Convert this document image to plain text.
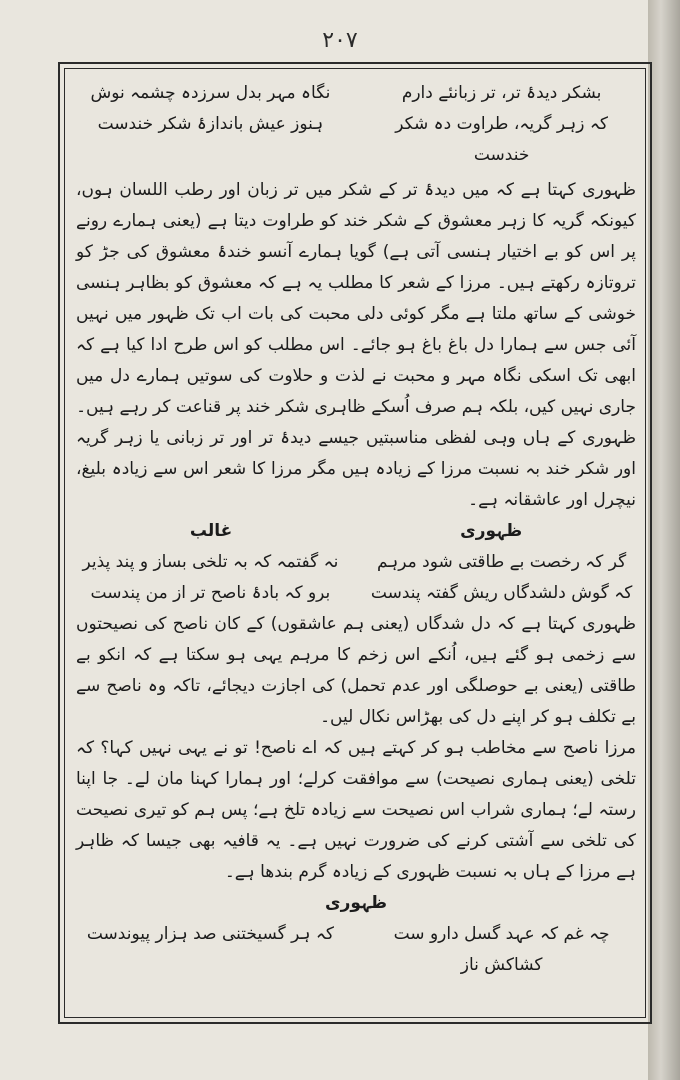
۲۰۷
بشکر دیدۂ تر، تر زبانئے دارم
نگاہ مہر بدل سرزدہ چشمہ نوش
کہ زہر گریہ، طراوت دہ شکر خندست
ہنوز عیش باندازۂ شکر خندست

ظہوری کہتا ہے کہ میں دیدۂ تر کے شکر میں تر زبان اور رطب اللسان ہوں، کیونکہ گریہ کا زہر معشوق کے شکر خند کو طراوت دیتا ہے (یعنی ہمارے رونے پر اس کو بے اختیار ہنسی آتی ہے) گویا ہمارے آنسو خندۂ معشوق کی جڑ کو تروتازہ رکھتے ہیں۔ مرزا کے شعر کا مطلب یہ ہے کہ معشوق کو بظاہر ہنسی خوشی کے ساتھ ملتا ہے مگر کوئی دلی محبت کی بات اب تک ظہور میں نہیں آئی جس سے ہمارا دل باغ باغ ہو جائے۔ اس مطلب کو اس طرح ادا کیا ہے کہ ابھی تک اسکی نگاہ مہر و محبت نے لذت و حلاوت کی سوتیں ہمارے دل میں جاری نہیں کیں، بلکہ ہم صرف اُسکے ظاہری شکر خند پر قناعت کر رہے ہیں۔

ظہوری کے ہاں وہی لفظی مناسبتیں جیسے دیدۂ تر اور تر زبانی یا زہر گریہ اور شکر خند بہ نسبت مرزا کے زیادہ ہیں مگر مرزا کا شعر اس سے زیادہ بلیغ، نیچرل اور عاشقانہ ہے۔

ظہوری
غالب
گر کہ رخصت بے طاقتی شود مرہم
نہ گفتمہ کہ بہ تلخی بساز و پند پذیر
کہ گوش دلشدگاں ریش گفتہ پندست
برو کہ بادۂ ناصح تر از من پندست

ظہوری کہتا ہے کہ دل شدگاں (یعنی ہم عاشقوں) کے کان ناصح کی نصیحتوں سے زخمی ہو گئے ہیں، اُنکے اس زخم کا مرہم یہی ہو سکتا ہے کہ انکو بے طاقتی (یعنی بے حوصلگی اور عدم تحمل) کی اجازت دیجائے، تاکہ وہ ناصح سے بے تکلف ہو کر اپنے دل کی بھڑاس نکال لیں۔

مرزا ناصح سے مخاطب ہو کر کہتے ہیں کہ اے ناصح! تو نے یہی نہیں کہا؟ کہ تلخی (یعنی ہماری نصیحت) سے موافقت کرلے؛ اور ہمارا کہنا مان لے۔ جا اپنا رستہ لے؛ ہماری شراب اس نصیحت سے زیادہ تلخ ہے؛ پس ہم کو تیری نصیحت کی تلخی سے آشتی کرنے کی ضرورت نہیں ہے۔ یہ قافیہ بھی جیسا کہ ظاہر ہے مرزا کے ہاں بہ نسبت ظہوری کے زیادہ گرم بندھا ہے۔

ظہوری
چہ غم کہ عہد گسل دارو ست کشاکش ناز
کہ ہر گسیختنی صد ہزار پیوندست
